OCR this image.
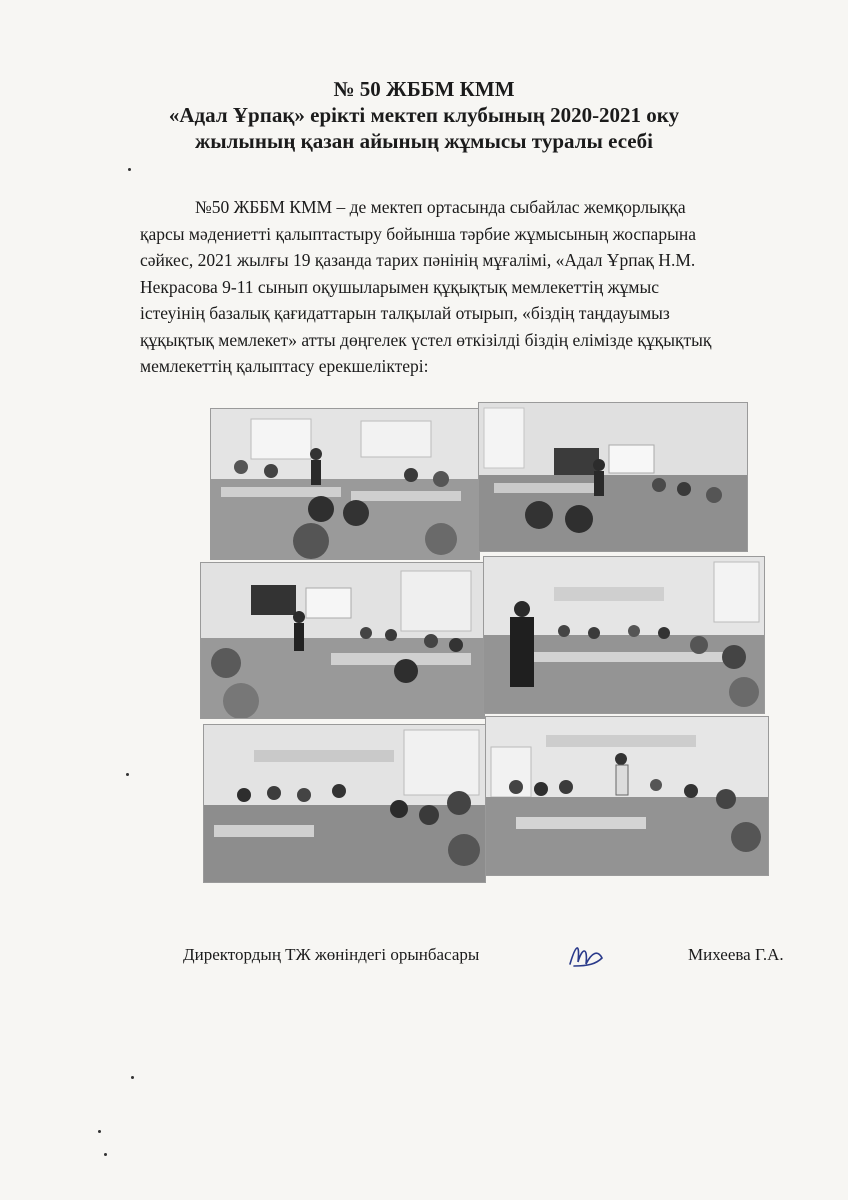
№ 50 ЖББМ КММ
«Адал Ұрпақ» ерікті мектеп клубының 2020-2021 оку
жылының қазан айының жұмысы туралы есебі
№50 ЖББМ КММ – де мектеп ортасында сыбайлас жемқорлыққа
қарсы мәдениетті қалыптастыру бойынша тәрбие жұмысының жоспарына
сәйкес, 2021 жылғы 19 қазанда тарих пәнінің мұғалімі, «Адал Ұрпақ Н.М.
Некрасова 9-11 сынып оқушыларымен құқықтық мемлекеттің жұмыс
істеуінің базалық қағидаттарын талқылай отырып, «біздің таңдауымыз
құқықтық мемлекет» атты дөңгелек үстел өткізілді біздің елімізде құқықтық
мемлекеттің қалыптасу ерекшеліктері:
Директордың ТЖ жөніндегі орынбасары	Михеева Г.А.
